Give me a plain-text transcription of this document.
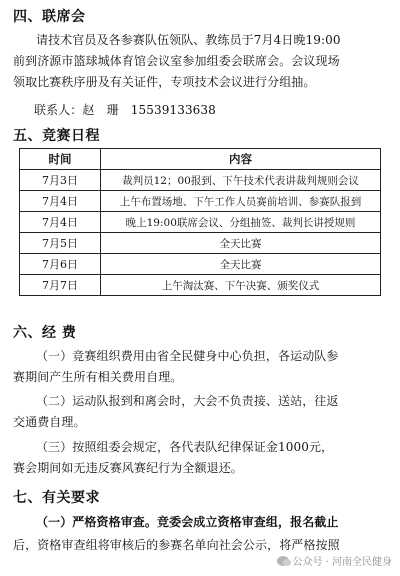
四、联席会
请技术官员及各参赛队伍领队、教练员于7月4日晚19:00
前到济源市篮球城体育馆会议室参加组委会联席会。会议现场
领取比赛秩序册及有关证件，专项技术会议进行分组抽。
联系人：赵　珊　15539133638
五、竞赛日程
时间	内容
7月3日	裁判员12；00报到、下午技术代表讲裁判规则会议
7月4日	上午布置场地、下午工作人员赛前培训、参赛队报到
7月4日	晚上19:00联席会议、分组抽签、裁判长讲授规则
7月5日	全天比赛
7月6日	全天比赛
7月7日	上午淘汰赛、下午决赛、颁奖仪式
六、经 费
（一）竞赛组织费用由省全民健身中心负担，各运动队参
赛期间产生所有相关费用自理。
（二）运动队报到和离会时，大会不负责接、送站，往返
交通费自理。
（三）按照组委会规定，各代表队纪律保证金1000元，
赛会期间如无违反赛风赛纪行为全额退还。
七、有关要求
（一）严格资格审查。竞委会成立资格审查组，报名截止
后，资格审查组将审核后的参赛名单向社会公示，将严格按照
公众号 · 河南全民健身
